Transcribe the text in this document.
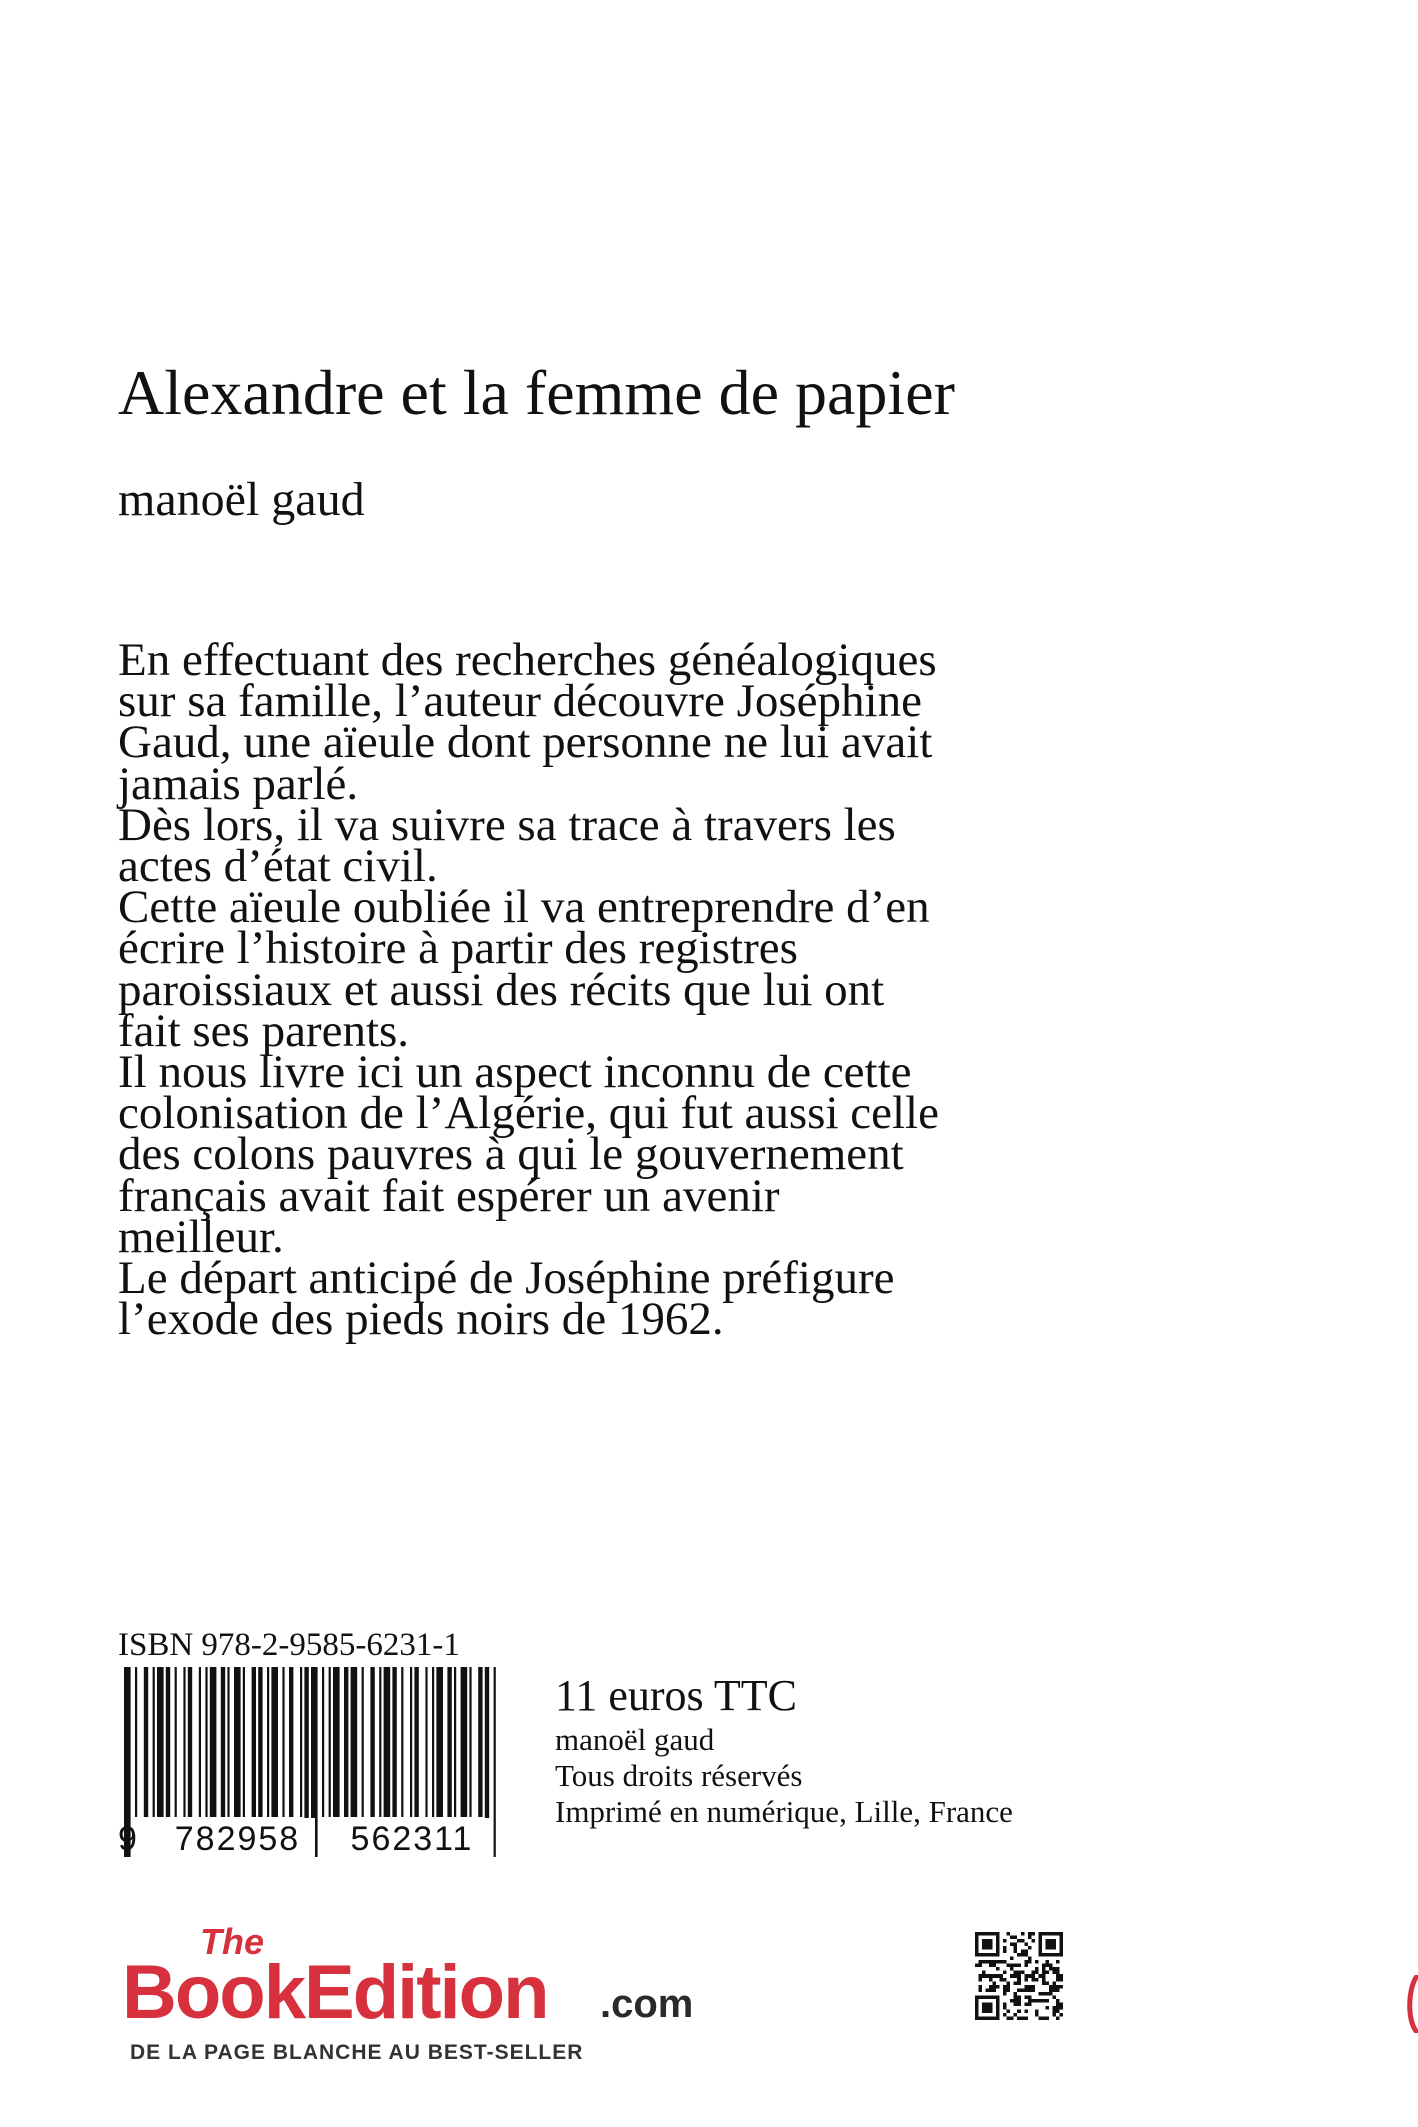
Alexandre et la femme de papier

manoël gaud

En effectuant des recherches généalogiques

sur sa famille, l’auteur découvre Joséphine

Gaud, une aïeule dont personne ne lui avait

jamais parlé.

Dès lors, il va suivre sa trace à travers les

actes d’état civil.

Cette aïeule oubliée il va entreprendre d’en

écrire l’histoire à partir des registres

paroissiaux et aussi des récits que lui ont

fait ses parents.

Il nous livre ici un aspect inconnu de cette

colonisation de l’Algérie, qui fut aussi celle

des colons pauvres à qui le gouvernement

français avait fait espérer un avenir

meilleur.

Le départ anticipé de Joséphine préfigure

l’exode des pieds noirs de 1962.

ISBN 978-2-9585-6231-1
9	782958	562311

11 euros TTC

manoël gaud

Tous droits réservés

Imprimé en numérique, Lille, France

The
BookEdition .com
DE LA PAGE BLANCHE AU BEST-SELLER
